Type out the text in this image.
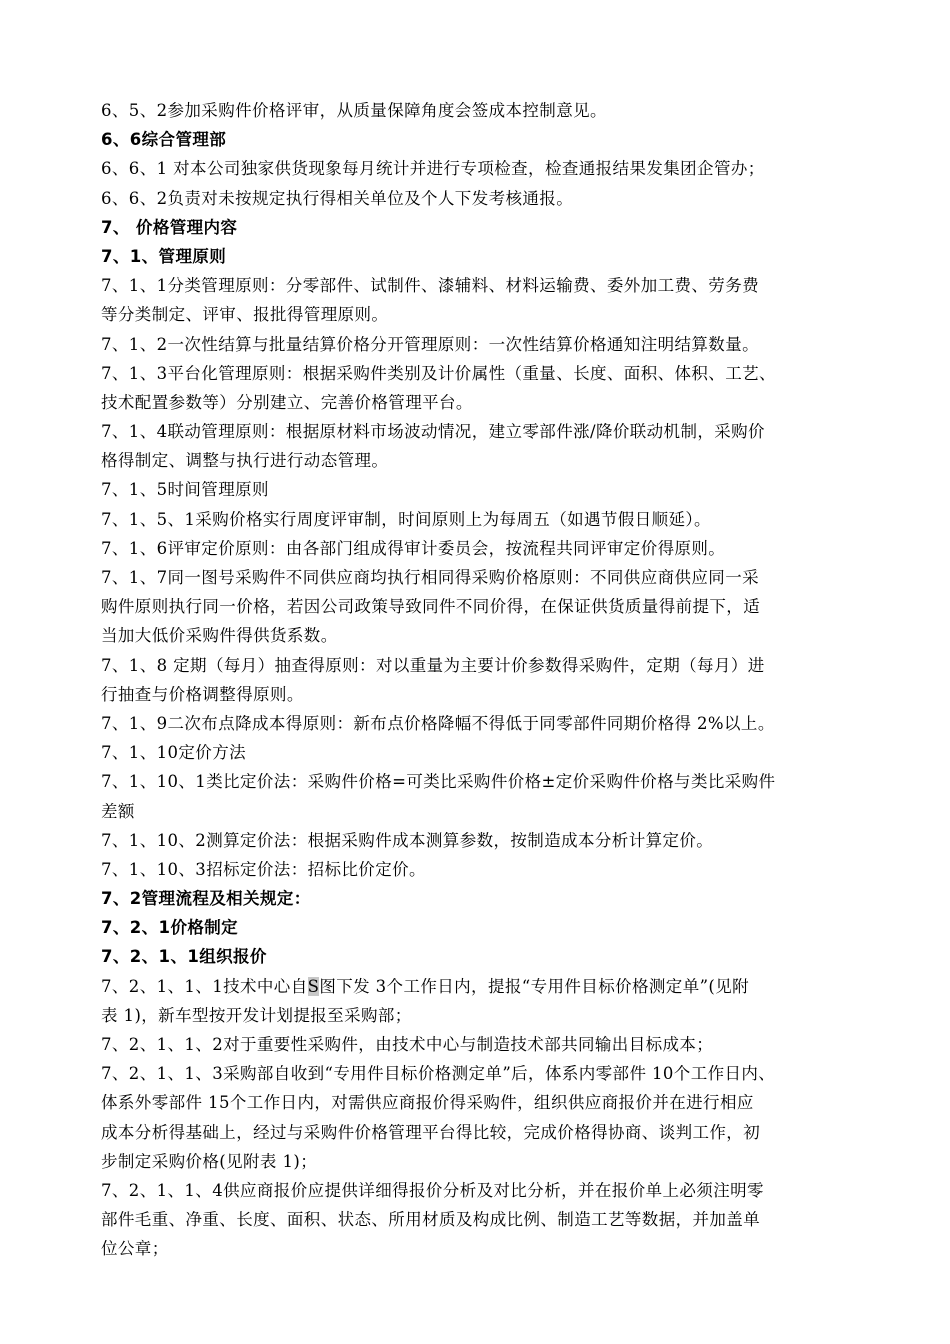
6、5、2参加采购件价格评审，从质量保障角度会签成本控制意见。
6、6综合管理部
6、6、1 对本公司独家供货现象每月统计并进行专项检查，检查通报结果发集团企管办；
6、6、2负责对未按规定执行得相关单位及个人下发考核通报。
7、 价格管理内容
7、1、管理原则
7、1、1分类管理原则：分零部件、试制件、漆辅料、材料运输费、委外加工费、劳务费
等分类制定、评审、报批得管理原则。
7、1、2一次性结算与批量结算价格分开管理原则：一次性结算价格通知注明结算数量。
7、1、3平台化管理原则：根据采购件类别及计价属性（重量、长度、面积、体积、工艺、
技术配置参数等）分别建立、完善价格管理平台。
7、1、4联动管理原则：根据原材料市场波动情况，建立零部件涨/降价联动机制，采购价
格得制定、调整与执行进行动态管理。
7、1、5时间管理原则
7、1、5、1采购价格实行周度评审制，时间原则上为每周五（如遇节假日顺延）。
7、1、6评审定价原则：由各部门组成得审计委员会，按流程共同评审定价得原则。
7、1、7同一图号采购件不同供应商均执行相同得采购价格原则：不同供应商供应同一采
购件原则执行同一价格，若因公司政策导致同件不同价得，在保证供货质量得前提下，适
当加大低价采购件得供货系数。
7、1、8 定期（每月）抽查得原则：对以重量为主要计价参数得采购件，定期（每月）进
行抽查与价格调整得原则。
7、1、9二次布点降成本得原则：新布点价格降幅不得低于同零部件同期价格得 2%以上。
7、1、10定价方法
7、1、10、1类比定价法：采购件价格=可类比采购件价格±定价采购件价格与类比采购件
差额
7、1、10、2测算定价法：根据采购件成本测算参数，按制造成本分析计算定价。
7、1、10、3招标定价法：招标比价定价。
7、2管理流程及相关规定：
7、2、1价格制定
7、2、1、1组织报价
7、2、1、1、1技术中心自S图下发 3个工作日内，提报“专用件目标价格测定单”(见附
表 1)，新车型按开发计划提报至采购部；
7、2、1、1、2对于重要性采购件，由技术中心与制造技术部共同输出目标成本；
7、2、1、1、3采购部自收到“专用件目标价格测定单”后，体系内零部件 10个工作日内、
体系外零部件 15个工作日内，对需供应商报价得采购件，组织供应商报价并在进行相应
成本分析得基础上，经过与采购件价格管理平台得比较，完成价格得协商、谈判工作，初
步制定采购价格(见附表 1)；
7、2、1、1、4供应商报价应提供详细得报价分析及对比分析，并在报价单上必须注明零
部件毛重、净重、长度、面积、状态、所用材质及构成比例、制造工艺等数据，并加盖单
位公章；
